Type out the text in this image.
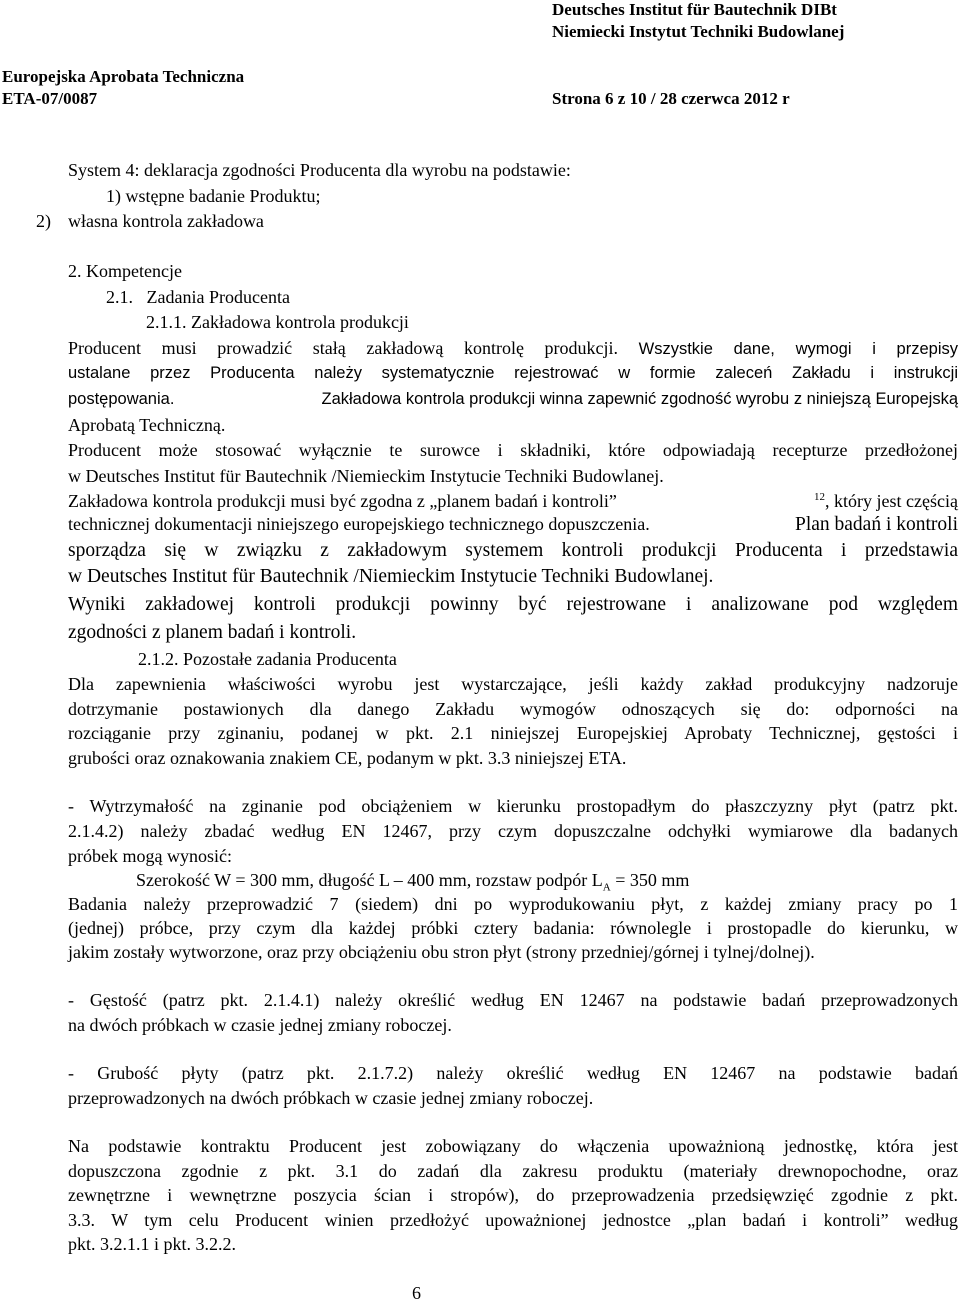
Deutsches Institut für Bautechnik DIBt
Niemiecki Instytut Techniki Budowlanej
Europejska Aprobata Techniczna
ETA-07/0087	Strona 6 z 10 / 28 czerwca 2012 r
System 4: deklaracja zgodności Producenta dla wyrobu na podstawie:
1) wstępne badanie Produktu;
2) własna kontrola zakładowa
2. Kompetencje
2.1.   Zadania Producenta
2.1.1. Zakładowa kontrola produkcji
Producent musi prowadzić stałą zakładową kontrolę produkcji. Wszystkie dane, wymogi i przepisy
ustalane przez Producenta należy systematycznie rejestrować w formie zaleceń Zakładu i instrukcji
postępowania.	Zakładowa kontrola produkcji winna zapewnić zgodność wyrobu z niniejszą Europejską
Aprobatą Techniczną.
Producent może stosować wyłącznie te surowce i składniki, które odpowiadają recepturze przedłożonej
w Deutsches Institut für Bautechnik /Niemieckim Instytucie Techniki Budowlanej.
Zakładowa kontrola produkcji musi być zgodna z „planem badań i kontroli”	$^{12}$, który jest częścią
technicznej dokumentacji niniejszego europejskiego technicznego dopuszczenia.	Plan badań i kontroli
sporządza się w związku z zakładowym systemem kontroli produkcji Producenta i przedstawia
w Deutsches Institut für Bautechnik /Niemieckim Instytucie Techniki Budowlanej.
Wyniki zakładowej kontroli produkcji powinny być rejestrowane i analizowane pod względem
zgodności z planem badań i kontroli.
2.1.2. Pozostałe zadania Producenta
Dla zapewnienia właściwości wyrobu jest wystarczające, jeśli każdy zakład produkcyjny nadzoruje
dotrzymanie postawionych dla danego Zakładu wymogów odnoszących się do: odporności na
rozciąganie przy zginaniu, podanej w pkt. 2.1 niniejszej Europejskiej Aprobaty Technicznej, gęstości i
grubości oraz oznakowania znakiem CE, podanym w pkt. 3.3 niniejszej ETA.
- Wytrzymałość na zginanie pod obciążeniem w kierunku prostopadłym do płaszczyzny płyt (patrz pkt.
2.1.4.2) należy zbadać według EN 12467, przy czym dopuszczalne odchyłki wymiarowe dla badanych
próbek mogą wynosić:
Szerokość W = 300 mm, długość L – 400 mm, rozstaw podpór $L_A = 350$ mm
Badania należy przeprowadzić 7 (siedem) dni po wyprodukowaniu płyt, z każdej zmiany pracy po 1
(jednej) próbce, przy czym dla każdej próbki cztery badania: równolegle i prostopadle do kierunku, w
jakim zostały wytworzone, oraz przy obciążeniu obu stron płyt (strony przedniej/górnej i tylnej/dolnej).
- Gęstość (patrz pkt. 2.1.4.1) należy określić według EN 12467 na podstawie badań przeprowadzonych
na dwóch próbkach w czasie jednej zmiany roboczej.
- Grubość płyty (patrz pkt. 2.1.7.2) należy określić według EN 12467 na podstawie badań
przeprowadzonych na dwóch próbkach w czasie jednej zmiany roboczej.
Na podstawie kontraktu Producent jest zobowiązany do włączenia upoważnioną jednostkę, która jest
dopuszczona zgodnie z pkt. 3.1 do zadań dla zakresu produktu (materiały drewnopochodne, oraz
zewnętrzne i wewnętrzne poszycia ścian i stropów), do przeprowadzenia przedsięwzięć zgodnie z pkt.
3.3. W tym celu Producent winien przedłożyć upoważnionej jednostce „plan badań i kontroli” według
pkt. 3.2.1.1 i pkt. 3.2.2.
6
